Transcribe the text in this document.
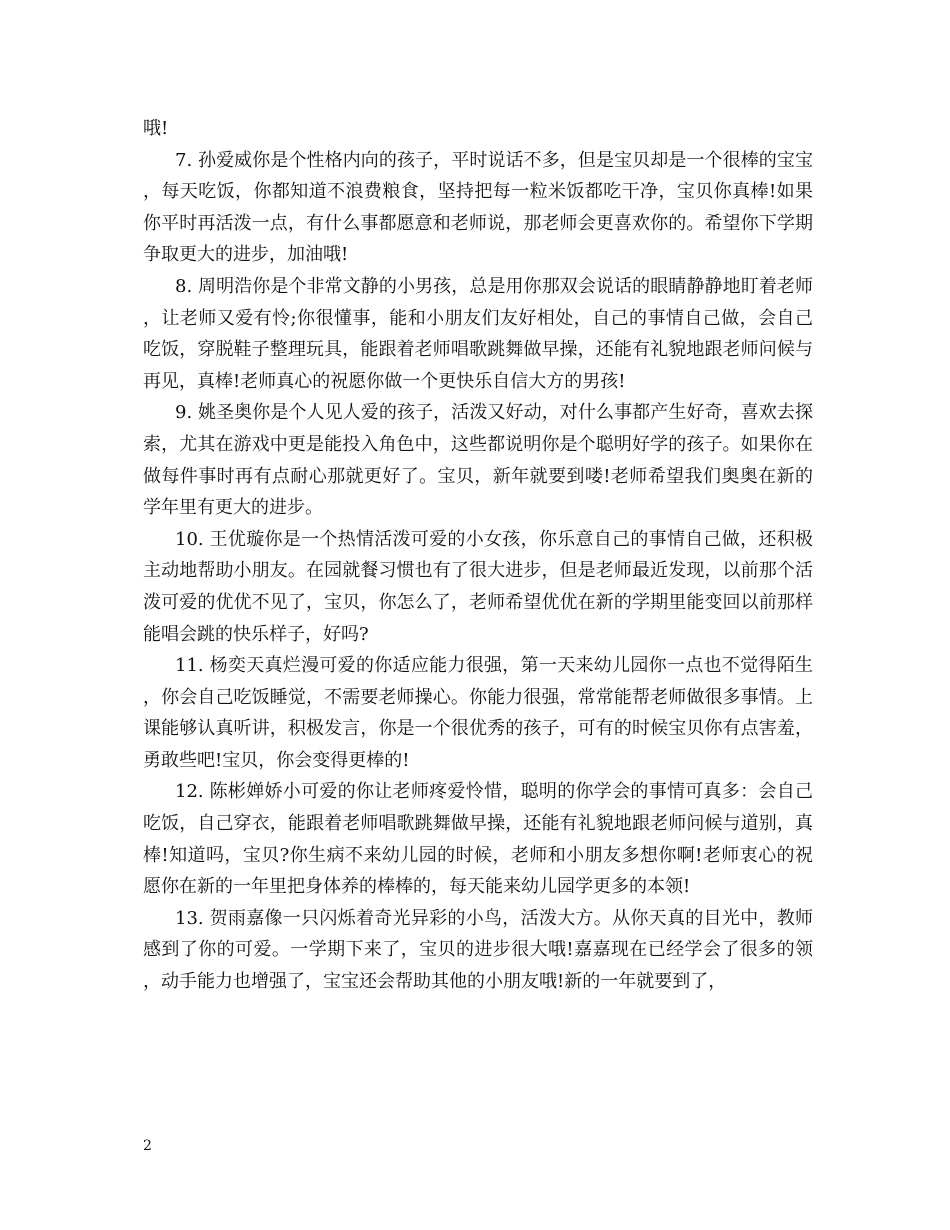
哦!

7. 孙爱威你是个性格内向的孩子，平时说话不多，但是宝贝却是一个很棒的宝宝，每天吃饭，你都知道不浪费粮食，坚持把每一粒米饭都吃干净，宝贝你真棒!如果你平时再活泼一点，有什么事都愿意和老师说，那老师会更喜欢你的。希望你下学期争取更大的进步，加油哦!

8. 周明浩你是个非常文静的小男孩，总是用你那双会说话的眼睛静静地盯着老师，让老师又爱有怜;你很懂事，能和小朋友们友好相处，自己的事情自己做，会自己吃饭，穿脱鞋子整理玩具，能跟着老师唱歌跳舞做早操，还能有礼貌地跟老师问候与再见，真棒!老师真心的祝愿你做一个更快乐自信大方的男孩!

9. 姚圣奥你是个人见人爱的孩子，活泼又好动，对什么事都产生好奇，喜欢去探索，尤其在游戏中更是能投入角色中，这些都说明你是个聪明好学的孩子。如果你在做每件事时再有点耐心那就更好了。宝贝，新年就要到喽!老师希望我们奥奥在新的学年里有更大的进步。

10. 王优璇你是一个热情活泼可爱的小女孩，你乐意自己的事情自己做，还积极主动地帮助小朋友。在园就餐习惯也有了很大进步，但是老师最近发现，以前那个活泼可爱的优优不见了，宝贝，你怎么了，老师希望优优在新的学期里能变回以前那样能唱会跳的快乐样子，好吗?

11. 杨奕天真烂漫可爱的你适应能力很强，第一天来幼儿园你一点也不觉得陌生，你会自己吃饭睡觉，不需要老师操心。你能力很强，常常能帮老师做很多事情。上课能够认真听讲，积极发言，你是一个很优秀的孩子，可有的时候宝贝你有点害羞，勇敢些吧!宝贝，你会变得更棒的!

12. 陈彬婵娇小可爱的你让老师疼爱怜惜，聪明的你学会的事情可真多：会自己吃饭，自己穿衣，能跟着老师唱歌跳舞做早操，还能有礼貌地跟老师问候与道别，真棒!知道吗，宝贝?你生病不来幼儿园的时候，老师和小朋友多想你啊!老师衷心的祝愿你在新的一年里把身体养的棒棒的，每天能来幼儿园学更多的本领!

13. 贺雨嘉像一只闪烁着奇光异彩的小鸟，活泼大方。从你天真的目光中，教师感到了你的可爱。一学期下来了，宝贝的进步很大哦!嘉嘉现在已经学会了很多的领，动手能力也增强了，宝宝还会帮助其他的小朋友哦!新的一年就要到了，

2
